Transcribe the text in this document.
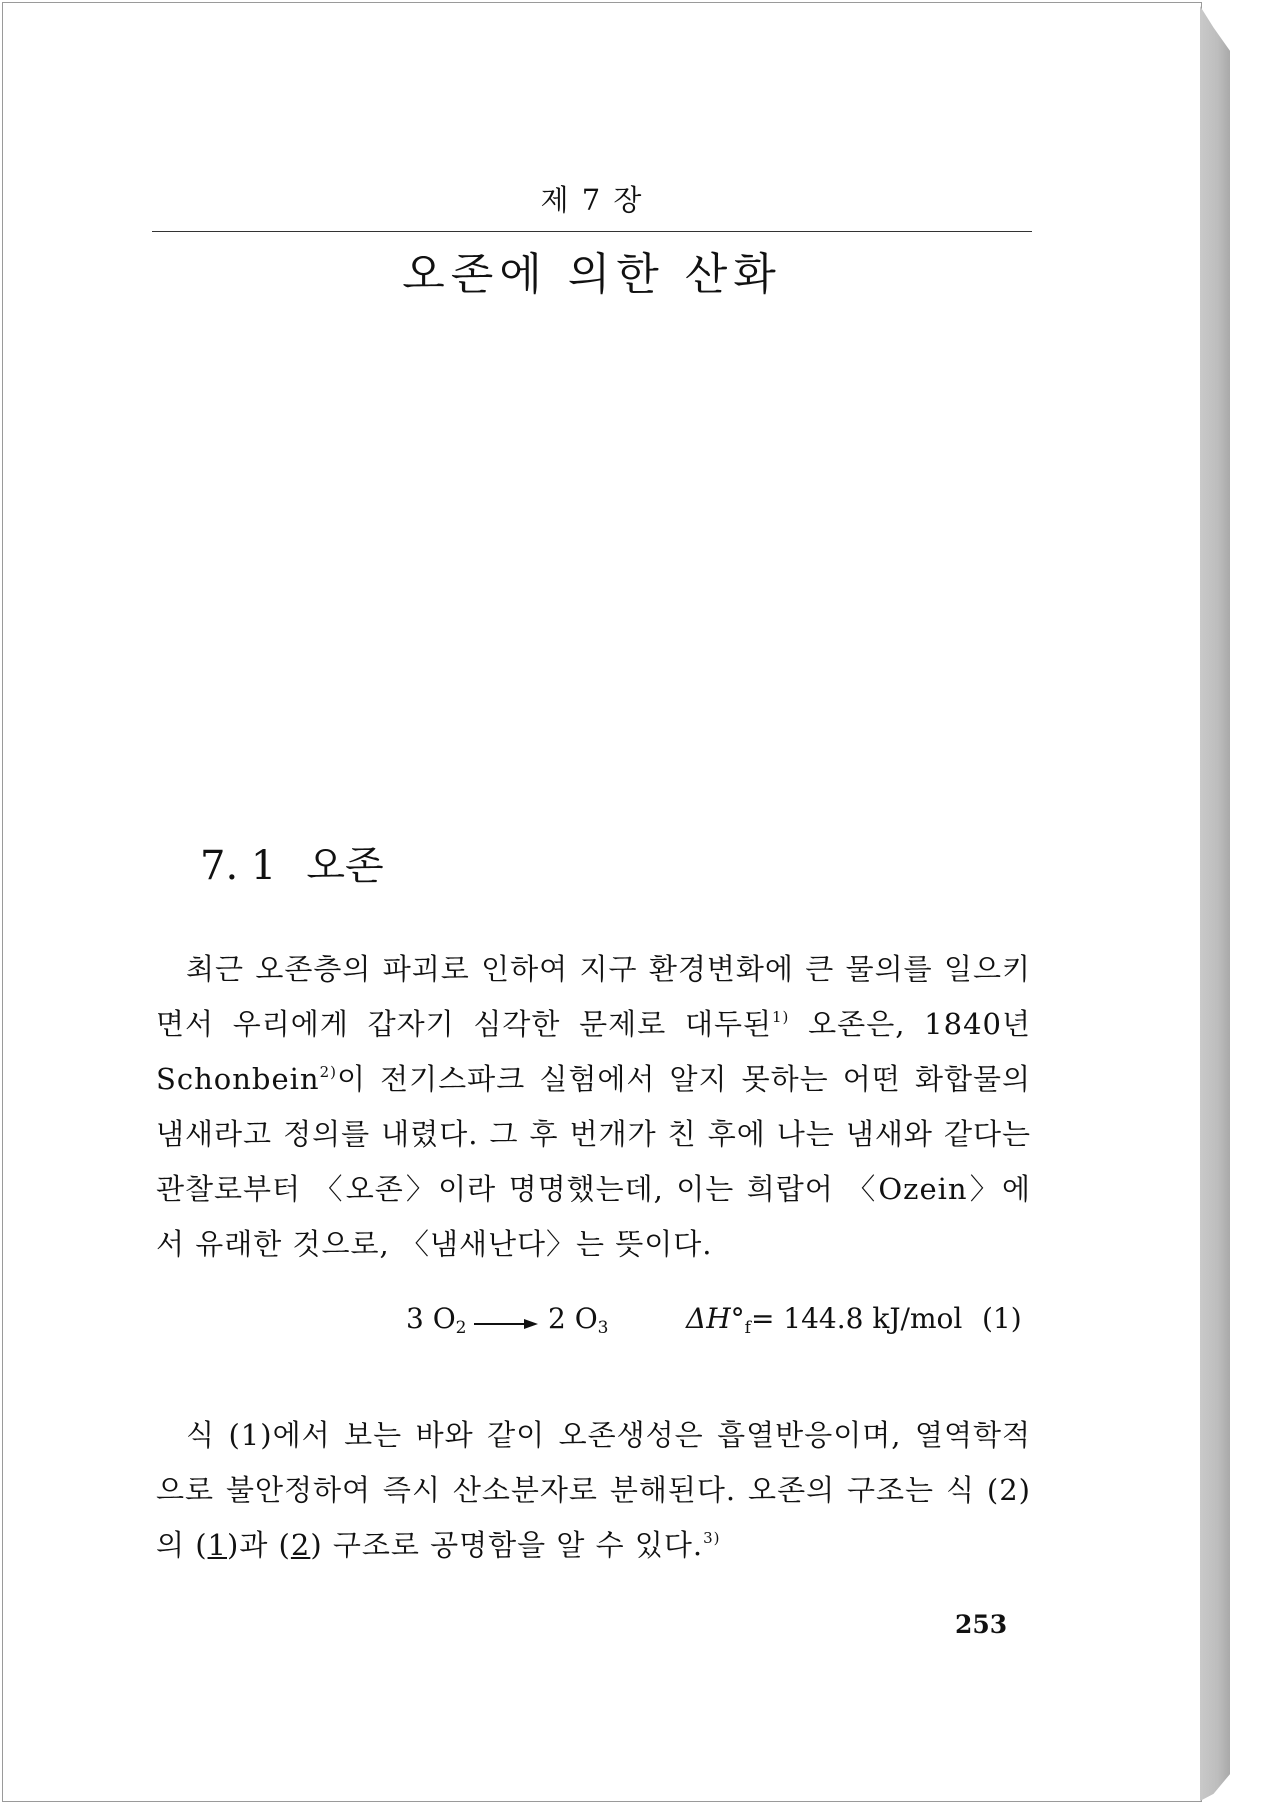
제 7 장
오존에 의한 산화
7. 1 오존

최근 오존층의 파괴로 인하여 지구 환경변화에 큰 물의를 일으키면서 우리에게 갑자기 심각한 문제로 대두된$^{1)}$ 오존은, 1840년 Schonbein$^{2)}$이 전기스파크 실험에서 알지 못하는 어떤 화합물의 냄새라고 정의를 내렸다. 그 후 번개가 친 후에 나는 냄새와 같다는 관찰로부터 〈오존〉이라 명명했는데, 이는 희랍어 〈Ozein〉에서 유래한 것으로, 〈냄새난다〉는 뜻이다.

3 $O_2 \to 2$ $O_3$	$\Delta H^\circ_f= 144.8$ kJ/mol (1)

식 (1)에서 보는 바와 같이 오존생성은 흡열반응이며, 열역학적으로 불안정하여 즉시 산소분자로 분해된다. 오존의 구조는 식 (2)의 (1)과 (2) 구조로 공명함을 알 수 있다.$^{3)}$

253
